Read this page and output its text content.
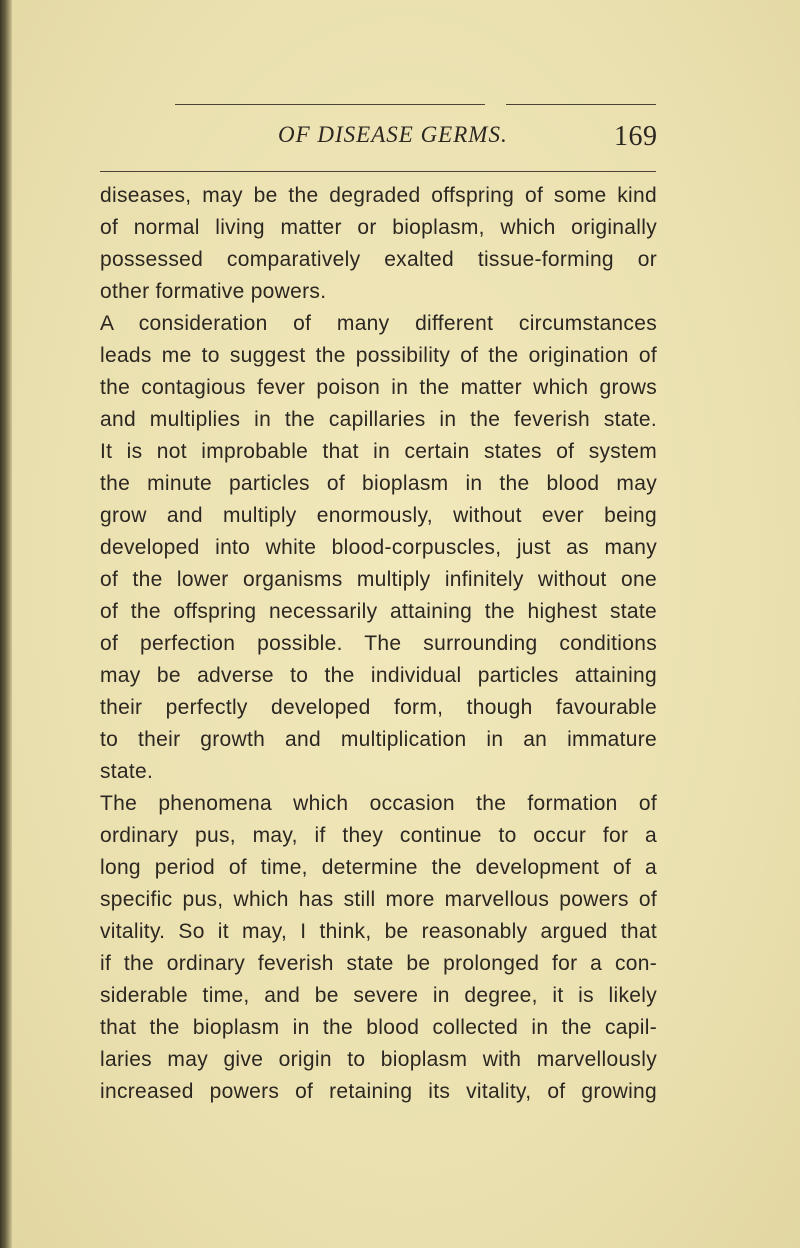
OF DISEASE GERMS.	169
diseases, may be the degraded offspring of some kind
of normal living matter or bioplasm, which originally
possessed comparatively exalted tissue-forming or
other formative powers.
A consideration of many different circumstances
leads me to suggest the possibility of the origination of
the contagious fever poison in the matter which grows
and multiplies in the capillaries in the feverish state.
It is not improbable that in certain states of system
the minute particles of bioplasm in the blood may
grow and multiply enormously, without ever being
developed into white blood-corpuscles, just as many
of the lower organisms multiply infinitely without one
of the offspring necessarily attaining the highest state
of perfection possible. The surrounding conditions
may be adverse to the individual particles attaining
their perfectly developed form, though favourable
to their growth and multiplication in an immature
state.
The phenomena which occasion the formation of
ordinary pus, may, if they continue to occur for a
long period of time, determine the development of a
specific pus, which has still more marvellous powers of
vitality. So it may, I think, be reasonably argued that
if the ordinary feverish state be prolonged for a con-
siderable time, and be severe in degree, it is likely
that the bioplasm in the blood collected in the capil-
laries may give origin to bioplasm with marvellously
increased powers of retaining its vitality, of growing
